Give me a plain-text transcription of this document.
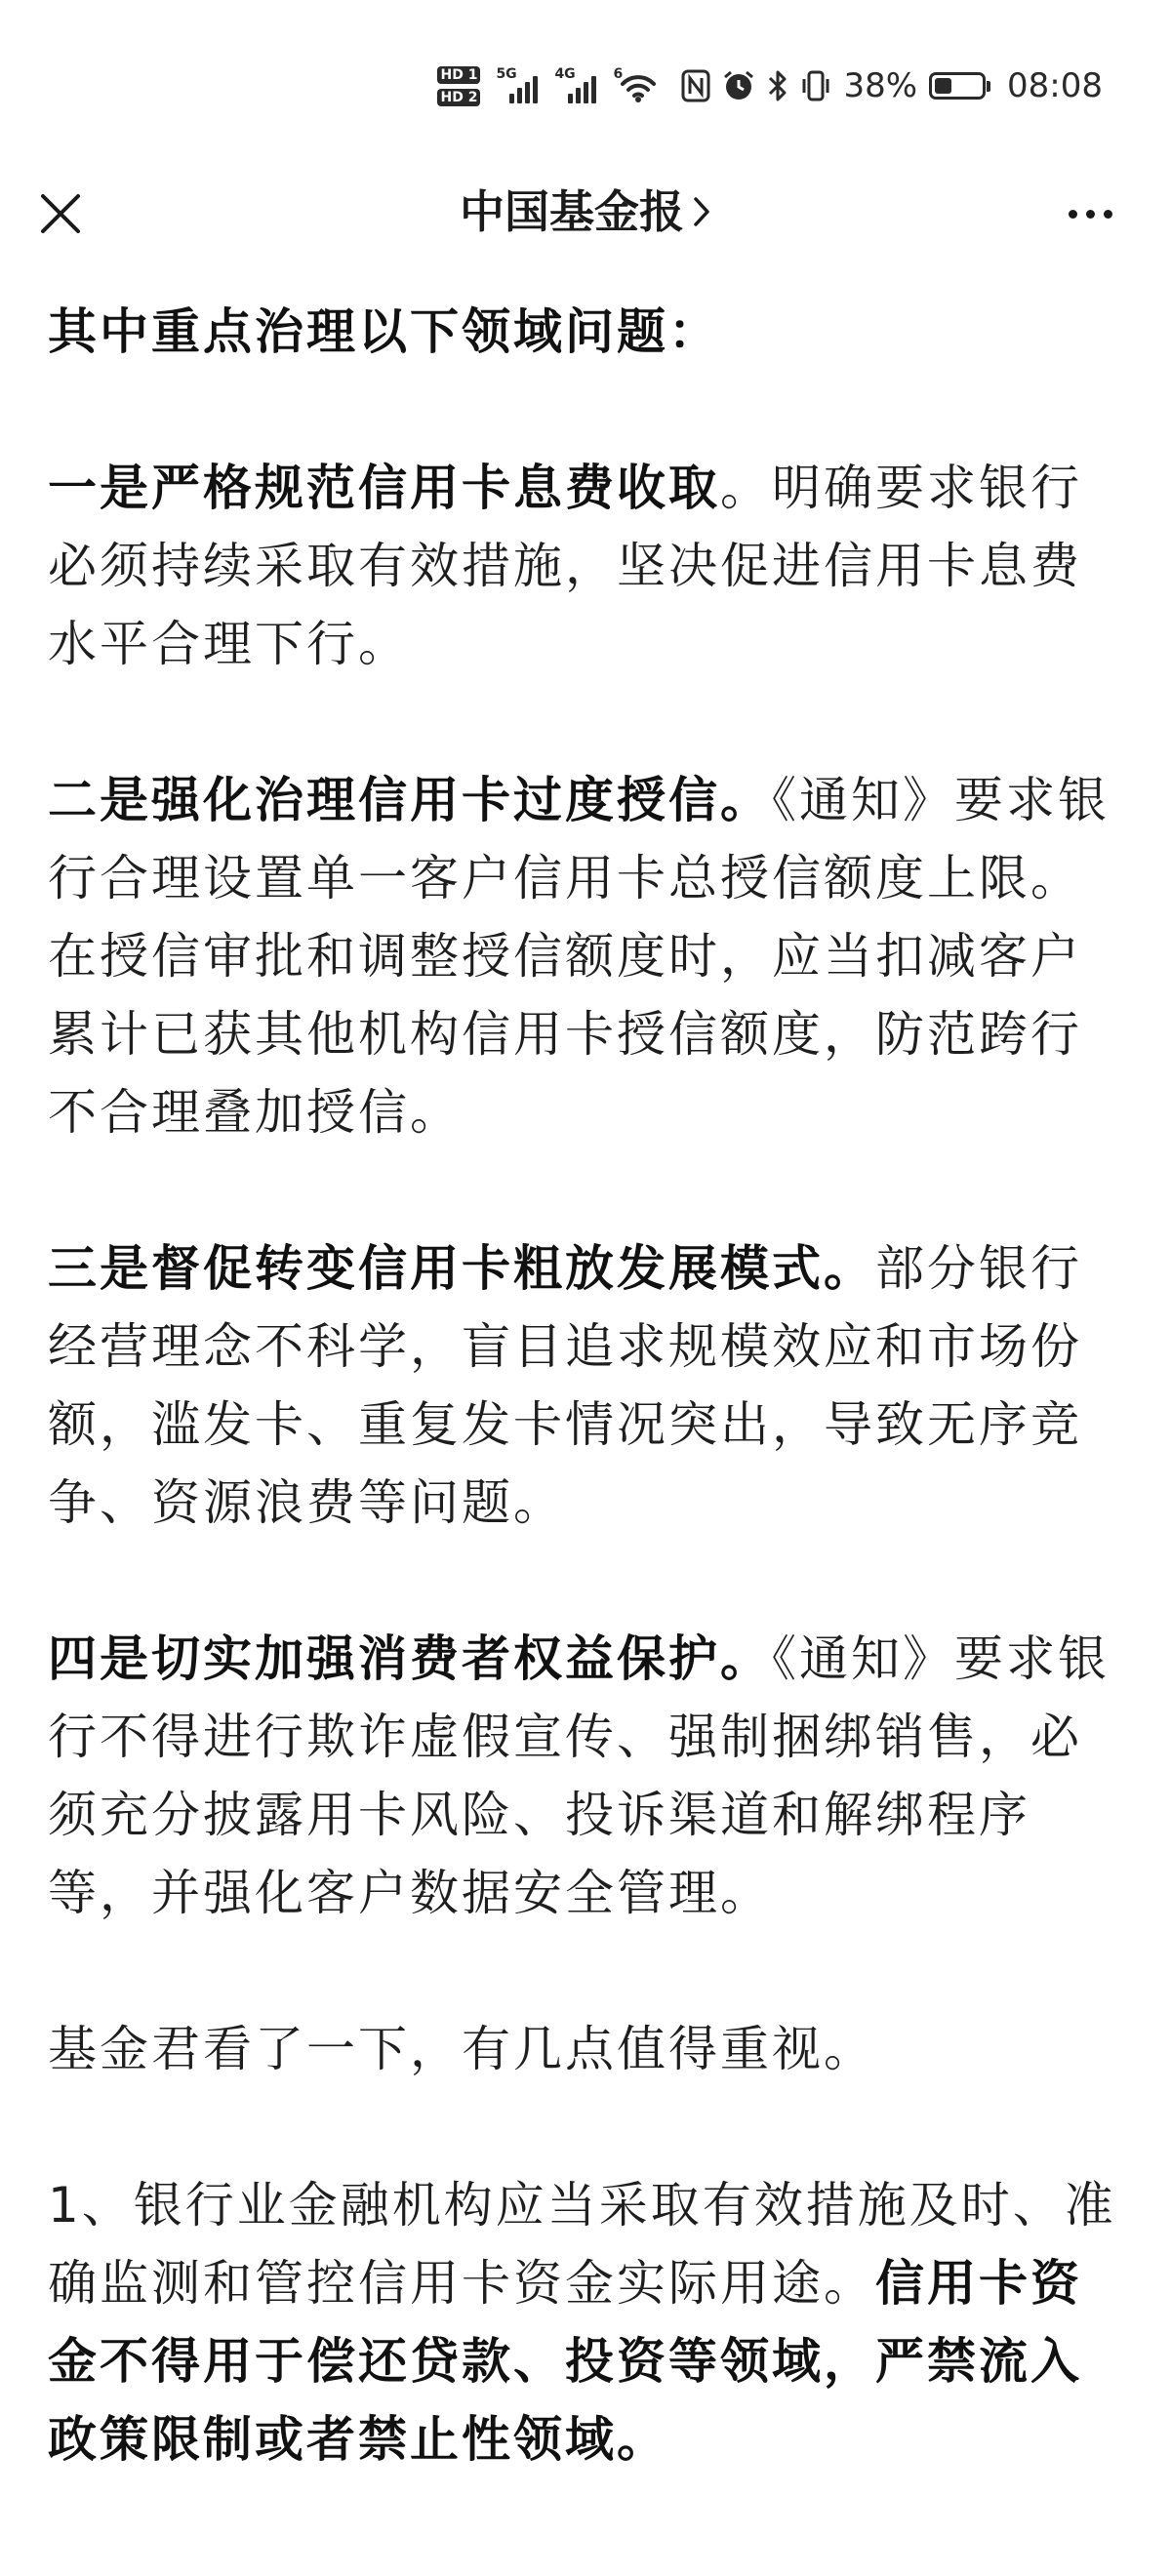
HD 1
HD 2
5G	4G	6	38%	08:08
中国基金报

其中重点治理以下领域问题：

一是严格规范信用卡息费收取。明确要求银行必须持续采取有效措施，坚决促进信用卡息费水平合理下行。

二是强化治理信用卡过度授信。《通知》要求银行合理设置单一客户信用卡总授信额度上限。在授信审批和调整授信额度时，应当扣减客户累计已获其他机构信用卡授信额度，防范跨行不合理叠加授信。

三是督促转变信用卡粗放发展模式。部分银行经营理念不科学，盲目追求规模效应和市场份额，滥发卡、重复发卡情况突出，导致无序竞争、资源浪费等问题。

四是切实加强消费者权益保护。《通知》要求银行不得进行欺诈虚假宣传、强制捆绑销售，必须充分披露用卡风险、投诉渠道和解绑程序等，并强化客户数据安全管理。

基金君看了一下，有几点值得重视。

1、银行业金融机构应当采取有效措施及时、准确监测和管控信用卡资金实际用途。信用卡资金不得用于偿还贷款、投资等领域，严禁流入政策限制或者禁止性领域。
